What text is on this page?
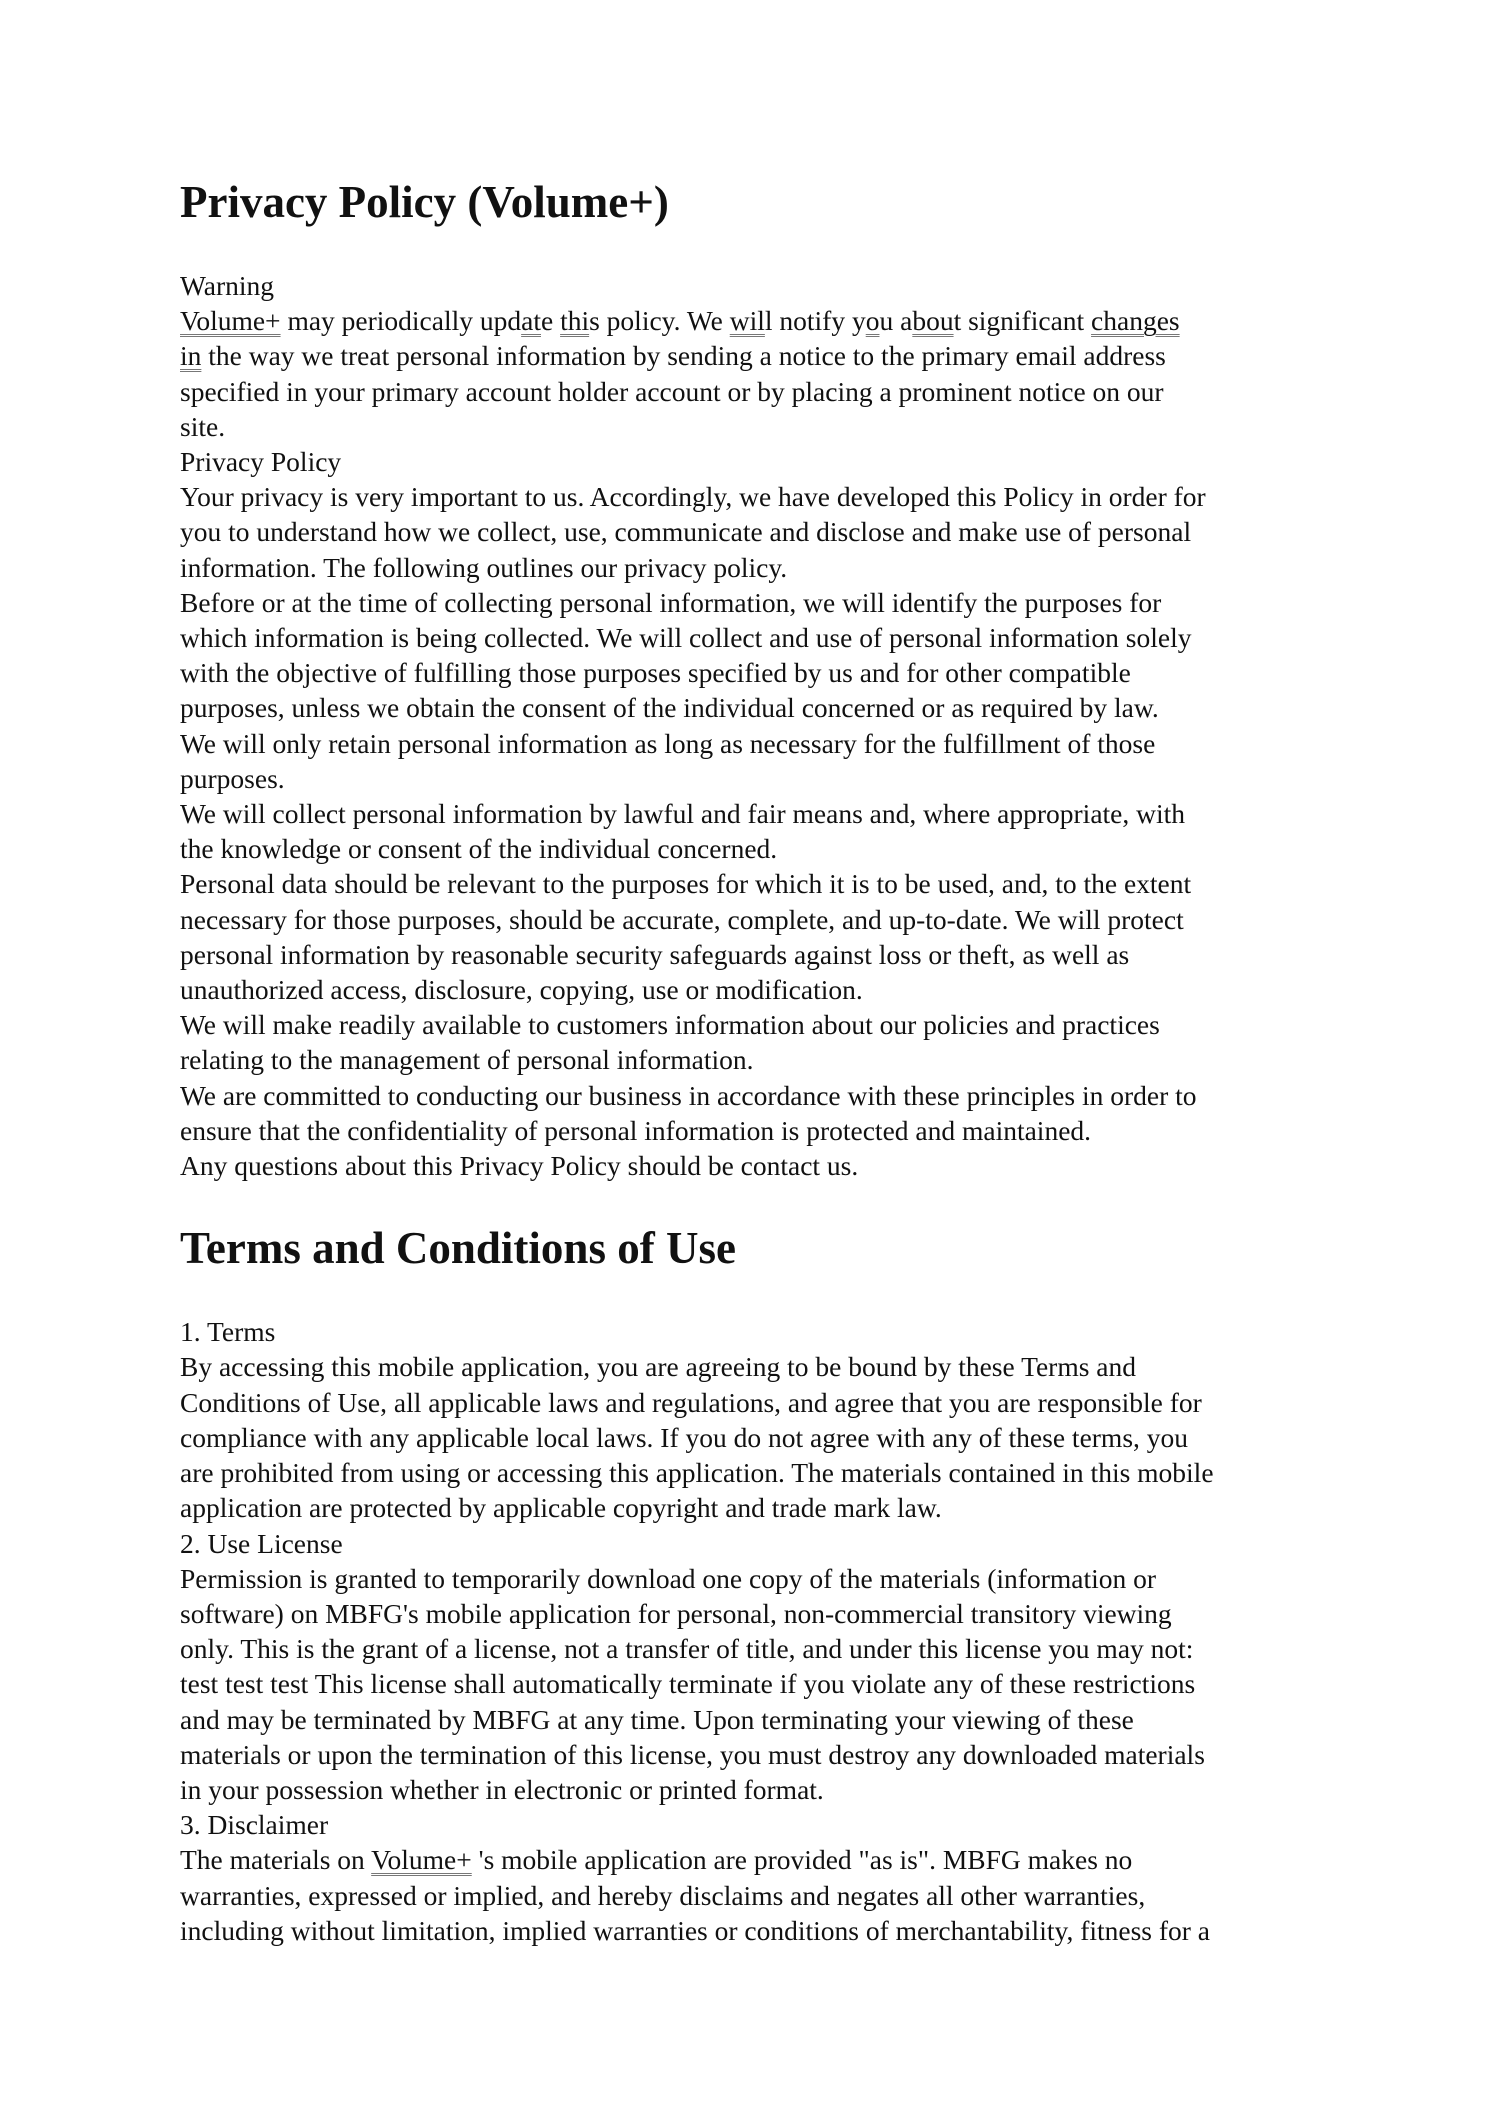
Privacy Policy (Volume+)
Warning
Volume+ may periodically update this policy. We will notify you about significant changes
in the way we treat personal information by sending a notice to the primary email address
specified in your primary account holder account or by placing a prominent notice on our
site.
Privacy Policy
Your privacy is very important to us. Accordingly, we have developed this Policy in order for
you to understand how we collect, use, communicate and disclose and make use of personal
information. The following outlines our privacy policy.
Before or at the time of collecting personal information, we will identify the purposes for
which information is being collected. We will collect and use of personal information solely
with the objective of fulfilling those purposes specified by us and for other compatible
purposes, unless we obtain the consent of the individual concerned or as required by law.
We will only retain personal information as long as necessary for the fulfillment of those
purposes.
We will collect personal information by lawful and fair means and, where appropriate, with
the knowledge or consent of the individual concerned.
Personal data should be relevant to the purposes for which it is to be used, and, to the extent
necessary for those purposes, should be accurate, complete, and up-to-date. We will protect
personal information by reasonable security safeguards against loss or theft, as well as
unauthorized access, disclosure, copying, use or modification.
We will make readily available to customers information about our policies and practices
relating to the management of personal information.
We are committed to conducting our business in accordance with these principles in order to
ensure that the confidentiality of personal information is protected and maintained.
Any questions about this Privacy Policy should be contact us.
Terms and Conditions of Use
1. Terms
By accessing this mobile application, you are agreeing to be bound by these Terms and
Conditions of Use, all applicable laws and regulations, and agree that you are responsible for
compliance with any applicable local laws. If you do not agree with any of these terms, you
are prohibited from using or accessing this application. The materials contained in this mobile
application are protected by applicable copyright and trade mark law.
2. Use License
Permission is granted to temporarily download one copy of the materials (information or
software) on MBFG's mobile application for personal, non-commercial transitory viewing
only. This is the grant of a license, not a transfer of title, and under this license you may not:
test test test This license shall automatically terminate if you violate any of these restrictions
and may be terminated by MBFG at any time. Upon terminating your viewing of these
materials or upon the termination of this license, you must destroy any downloaded materials
in your possession whether in electronic or printed format.
3. Disclaimer
The materials on Volume+ 's mobile application are provided "as is". MBFG makes no
warranties, expressed or implied, and hereby disclaims and negates all other warranties,
including without limitation, implied warranties or conditions of merchantability, fitness for a
